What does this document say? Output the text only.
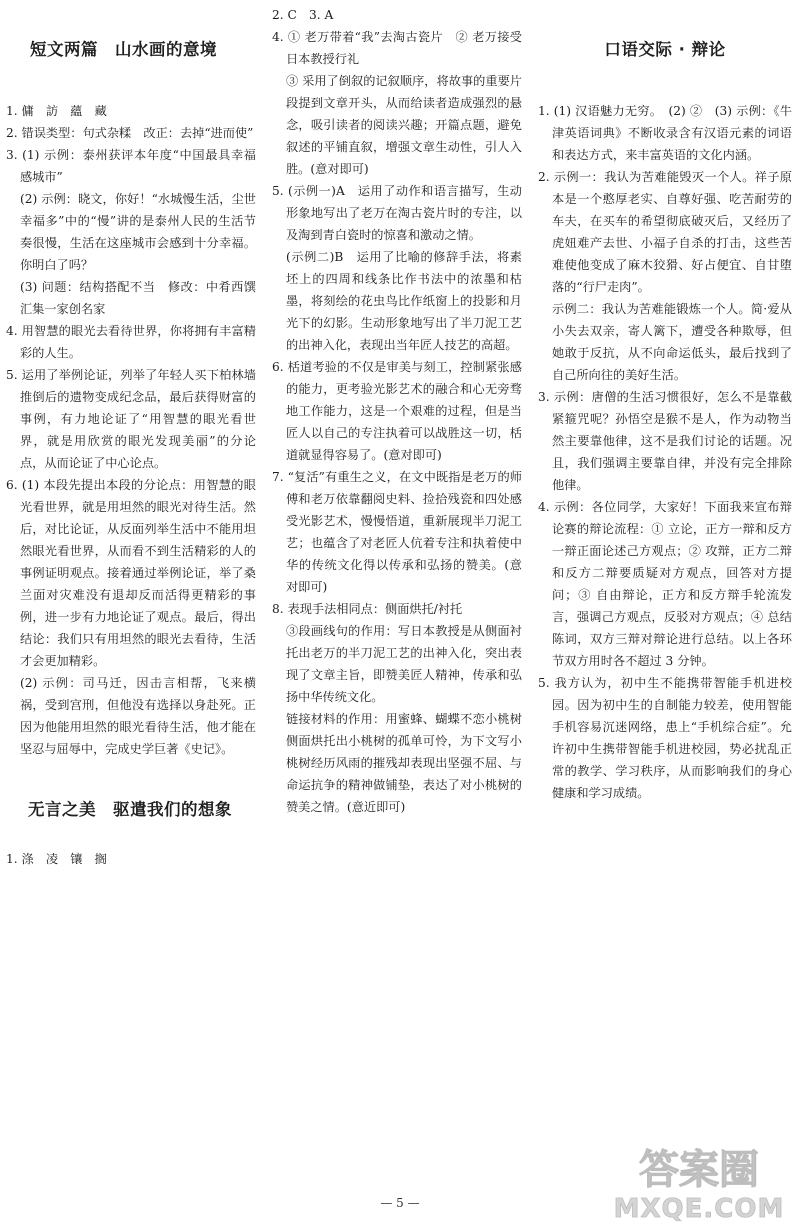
短文两篇　山水画的意境

1. 傭　訪　蘊　藏

2. 错误类型：句式杂糅　改正：去掉“进而使”

3. (1) 示例：泰州获评本年度“中国最具幸福感城市”

(2) 示例：晓文，你好！“水城慢生活，尘世幸福多”中的“慢”讲的是泰州人民的生活节奏很慢，生活在这座城市会感到十分幸福。你明白了吗？

(3) 问题：结构搭配不当　修改：中肴西馔汇集一家创名家

4. 用智慧的眼光去看待世界，你将拥有丰富精彩的人生。

5. 运用了举例论证，列举了年轻人买下柏林墙推倒后的遗物变成纪念品，最后获得财富的事例，有力地论证了“用智慧的眼光看世界，就是用欣赏的眼光发现美丽”的分论点，从而论证了中心论点。

6. (1) 本段先提出本段的分论点：用智慧的眼光看世界，就是用坦然的眼光对待生活。然后，对比论证，从反面列举生活中不能用坦然眼光看世界，从而看不到生活精彩的人的事例证明观点。接着通过举例论证，举了桑兰面对灾难没有退却反而活得更精彩的事例，进一步有力地论证了观点。最后，得出结论：我们只有用坦然的眼光去看待，生活才会更加精彩。

(2) 示例：司马迁，因击言相帮，飞来横祸，受到宫刑，但他没有选择以身赴死。正因为他能用坦然的眼光看待生活，他才能在坚忍与屈辱中，完成史学巨著《史记》。

无言之美　驱遣我们的想象

1. 涤　凌　镶　搁

2. C　3. A

4. ① 老万带着“我”去淘古瓷片　② 老万接受日本教授行礼

③ 采用了倒叙的记叙顺序，将故事的重要片段提到文章开头，从而给读者造成强烈的悬念，吸引读者的阅读兴趣；开篇点题，避免叙述的平铺直叙，增强文章生动性，引人入胜。(意对即可)

5. (示例一)A　运用了动作和语言描写，生动形象地写出了老万在淘古瓷片时的专注，以及淘到青白瓷时的惊喜和激动之情。

(示例二)B　运用了比喻的修辞手法，将素坯上的四周和线条比作书法中的浓墨和枯墨，将刻绘的花虫鸟比作纸窗上的投影和月光下的幻影。生动形象地写出了半刀泥工艺的出神入化，表现出当年匠人技艺的高超。

6. 栝道考验的不仅是审美与刻工，控制紧张感的能力，更考验光影艺术的融合和心无旁骛地工作能力，这是一个艰难的过程，但是当匠人以自己的专注执着可以战胜这一切，栝道就显得容易了。(意对即可)

7. “复活”有重生之义，在文中既指是老万的师傅和老万依靠翻阅史料、捡拾残瓷和四处感受光影艺术，慢慢悟道，重新展现半刀泥工艺；也蕴含了对老匠人伉着专注和执着使中华的传统文化得以传承和弘扬的赞美。(意对即可)

8. 表现手法相同点：侧面烘托/衬托

③段画线句的作用：写日本教授是从侧面衬托出老万的半刀泥工艺的出神入化，突出表现了文章主旨，即赞美匠人精神，传承和弘扬中华传统文化。

链接材料的作用：用蜜蜂、蝴蝶不恋小桃树侧面烘托出小桃树的孤单可怜，为下文写小桃树经历风雨的摧残却表现出坚强不屈、与命运抗争的精神做铺垫，表达了对小桃树的赞美之情。(意近即可)

口语交际 · 辩论

1. (1) 汉语魅力无穷。　(2) ②　(3) 示例：《牛津英语词典》不断收录含有汉语元素的词语和表达方式，来丰富英语的文化内涵。

2. 示例一：我认为苦难能毁灭一个人。祥子原本是一个憨厚老实、自尊好强、吃苦耐劳的车夫，在买车的希望彻底破灭后，又经历了虎妞难产去世、小福子自杀的打击，这些苦难使他变成了麻木狡猾、好占便宜、自甘堕落的“行尸走肉”。

示例二：我认为苦难能锻炼一个人。简·爱从小失去双亲，寄人篱下，遭受各种欺辱，但她敢于反抗，从不向命运低头，最后找到了自己所向往的美好生活。

3. 示例：唐僧的生活习惯很好，怎么不是靠截紧箍咒呢？孙悟空是猴不是人，作为动物当然主要靠他律，这不是我们讨论的话题。况且，我们强调主要靠自律，并没有完全排除他律。

4. 示例：各位同学，大家好！下面我来宣布辩论赛的辩论流程：① 立论，正方一辩和反方一辩正面论述己方观点；② 攻辩，正方二辩和反方二辩要质疑对方观点，回答对方提问；③ 自由辩论，正方和反方辩手轮流发言，强调己方观点，反驳对方观点；④ 总结陈词，双方三辩对辩论进行总结。以上各环节双方用时各不超过 3 分钟。

5. 我方认为，初中生不能携带智能手机进校园。因为初中生的自制能力较差，使用智能手机容易沉迷网络，患上“手机综合症”。允许初中生携带智能手机进校园，势必扰乱正常的教学、学习秩序，从而影响我们的身心健康和学习成绩。

— 5 —
答案圈
MXQE.COM
